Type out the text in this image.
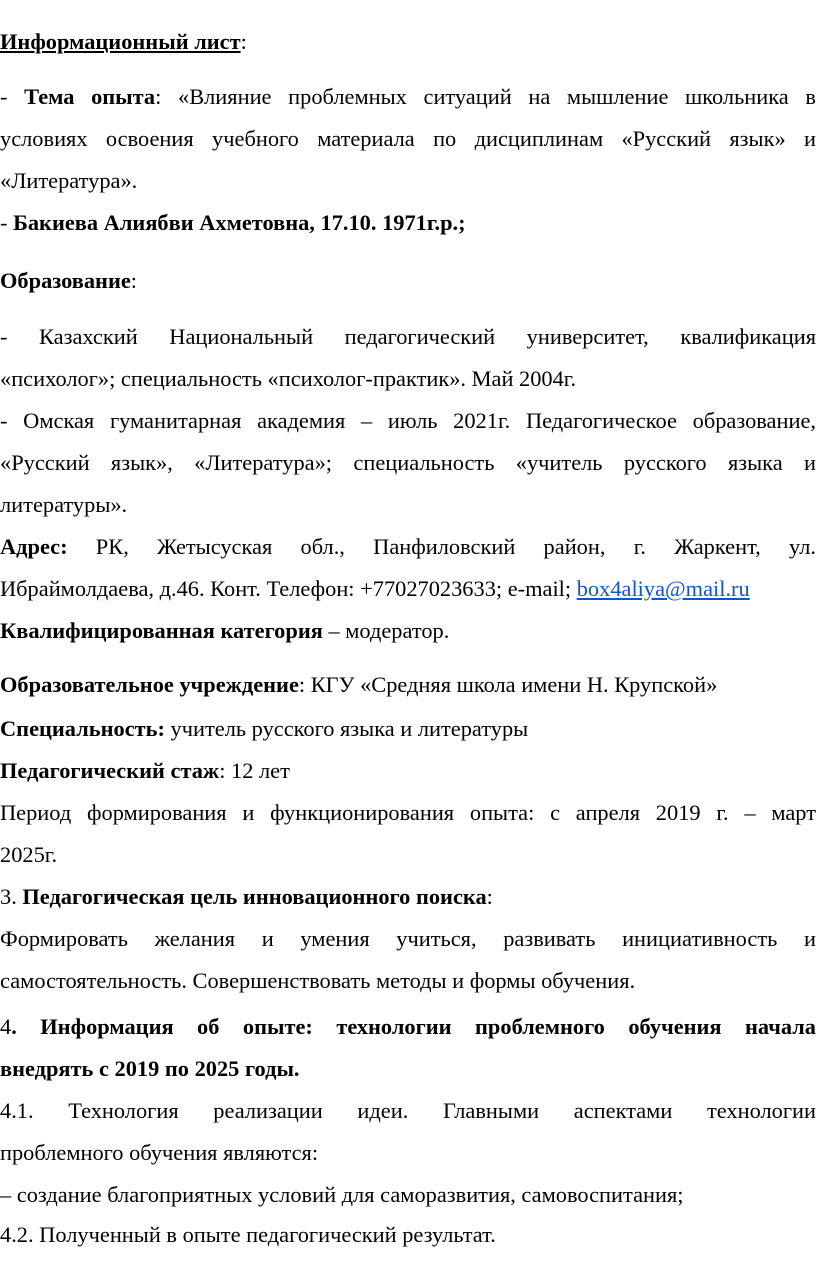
Информационный лист:
- Тема опыта: «Влияние проблемных ситуаций на мышление школьника в
условиях освоения учебного материала по дисциплинам «Русский язык» и
«Литература».
- Бакиева Алиябви Ахметовна, 17.10. 1971г.р.;
Образование:
- Казахский Национальный педагогический университет, квалификация
«психолог»; специальность «психолог-практик». Май 2004г.
- Омская гуманитарная академия – июль 2021г. Педагогическое образование,
«Русский язык», «Литература»; специальность «учитель русского языка и
литературы».
Адрес: РК, Жетысуская обл., Панфиловский район, г. Жаркент, ул.
Ибраймолдаева, д.46. Конт. Телефон: +77027023633; e-mail; box4aliya@mail.ru
Квалифицированная категория – модератор.
Образовательное учреждение: КГУ «Средняя школа имени Н. Крупской»
Специальность: учитель русского языка и литературы
Педагогический стаж: 12 лет
Период формирования и функционирования опыта: с апреля 2019 г. – март
2025г.
3. Педагогическая цель инновационного поиска:
Формировать желания и умения учиться, развивать инициативность и
самостоятельность. Совершенствовать методы и формы обучения.
4. Информация об опыте: технологии проблемного обучения начала
внедрять с 2019 по 2025 годы.
4.1. Технология реализации идеи. Главными аспектами технологии
проблемного обучения являются:
– создание благоприятных условий для саморазвития, самовоспитания;
4.2. Полученный в опыте педагогический результат.
